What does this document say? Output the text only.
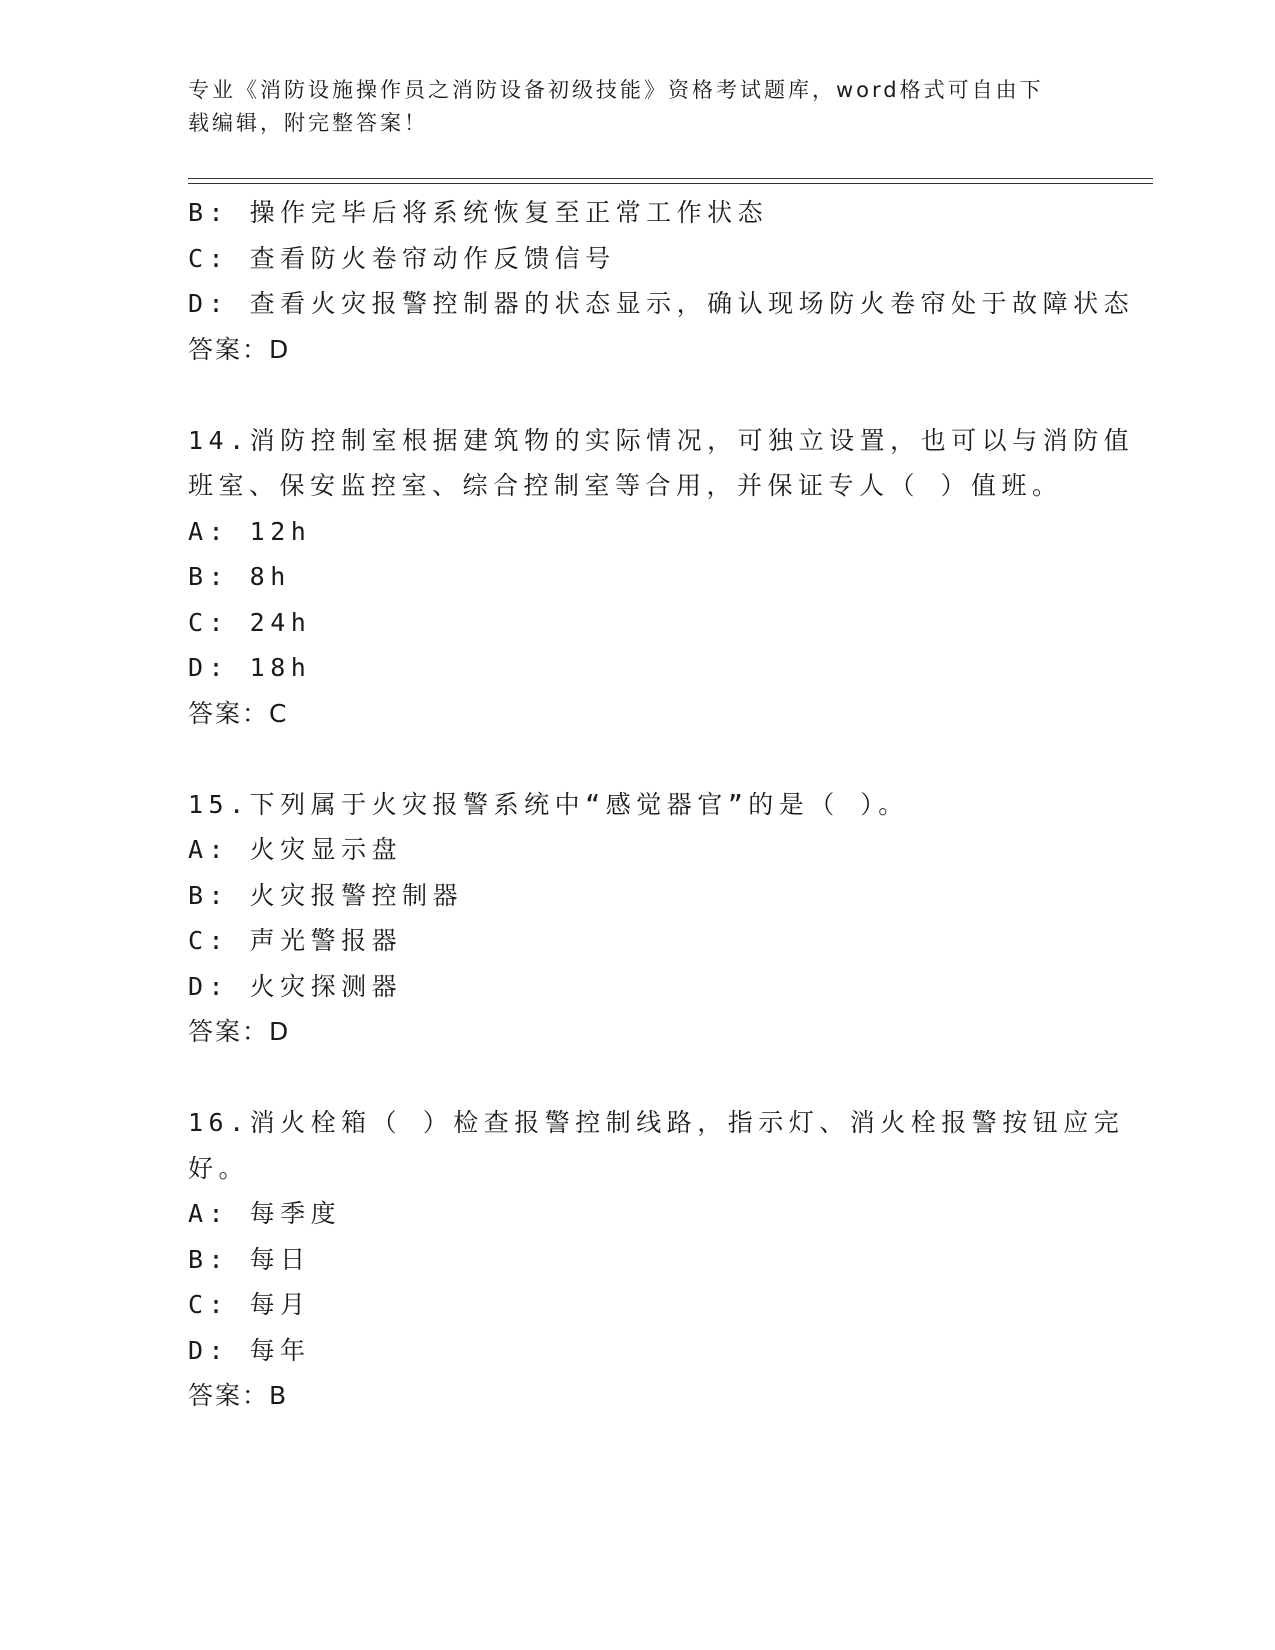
专业《消防设施操作员之消防设备初级技能》资格考试题库，word格式可自由下
载编辑，附完整答案！
B: 操作完毕后将系统恢复至正常工作状态
C: 查看防火卷帘动作反馈信号
D: 查看火灾报警控制器的状态显示，确认现场防火卷帘处于故障状态
答案：D
14.消防控制室根据建筑物的实际情况，可独立设置，也可以与消防值
班室、保安监控室、综合控制室等合用，并保证专人（ ）值班。
A: 12h
B: 8h
C: 24h
D: 18h
答案：C
15.下列属于火灾报警系统中“感觉器官”的是（ ）。
A: 火灾显示盘
B: 火灾报警控制器
C: 声光警报器
D: 火灾探测器
答案：D
16.消火栓箱（ ）检查报警控制线路，指示灯、消火栓报警按钮应完
好。
A: 每季度
B: 每日
C: 每月
D: 每年
答案：B
